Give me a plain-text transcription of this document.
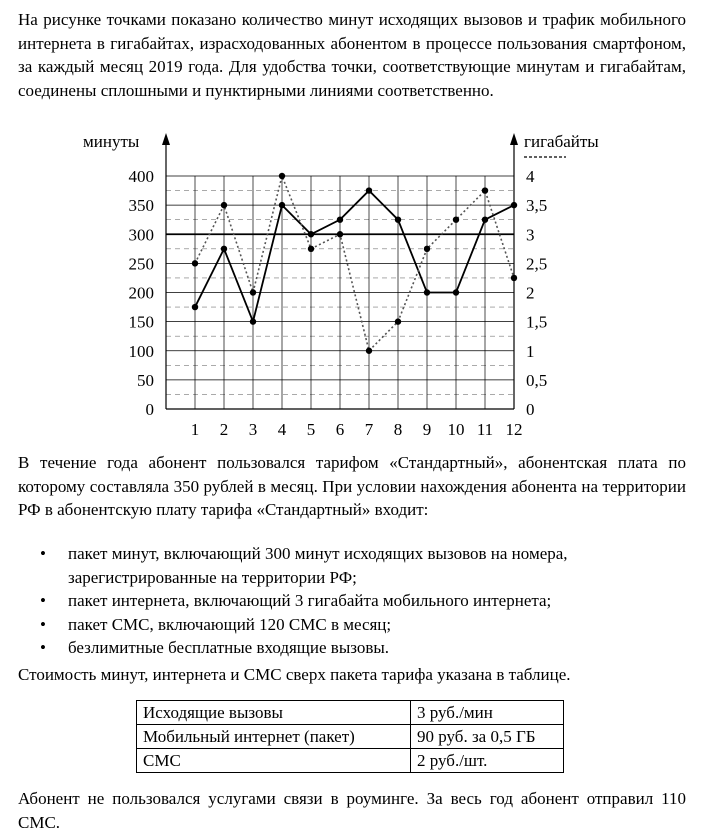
На рисунке точками показано количество минут исходящих вызовов и трафик мобильного интернета в гигабайтах, израсходованных абонентом в процессе пользования смартфоном, за каждый месяц 2019 года. Для удобства точки, соответствующие минутам и гигабайтам, соединены сплошными и пунктирными линиями соответственно.

0
50
100
150
200
250
300
350
400
0
0,5
1
1,5
2
2,5
3
3,5
4
1 2 3 4 5 6 7 8 9 10 11 12
минуты	гигабайты

В течение года абонент пользовался тарифом «Стандартный», абонентская плата по которому составляла 350 рублей в месяц. При условии нахождения абонента на территории РФ в абонентскую плату тарифа «Стандартный» входит:

• пакет минут, включающий 300 минут исходящих вызовов на номера, зарегистрированные на территории РФ;
• пакет интернета, включающий 3 гигабайта мобильного интернета;
• пакет СМС, включающий 120 СМС в месяц;
• безлимитные бесплатные входящие вызовы.

Стоимость минут, интернета и СМС сверх пакета тарифа указана в таблице.

Исходящие вызовы	3 руб./мин
Мобильный интернет (пакет)	90 руб. за 0,5 ГБ
СМС	2 руб./шт.

Абонент не пользовался услугами связи в роуминге. За весь год абонент отправил 110 СМС.
